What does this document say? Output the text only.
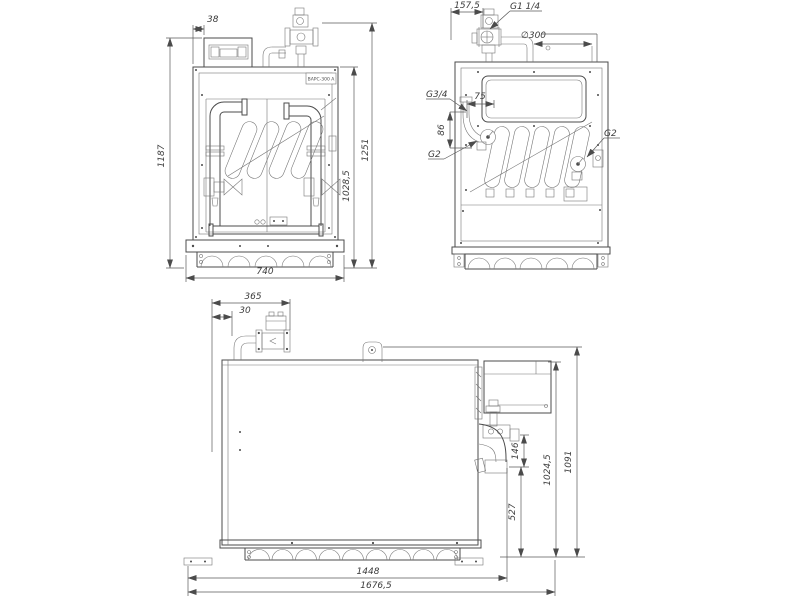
ВАРС-300 А
38
1187
1028,5
1251
740
157,5	G1 1/4
∅300
G3/4	75
86
G2
G2
365
30
146
527
1024,5 1091
1448
1676,5
